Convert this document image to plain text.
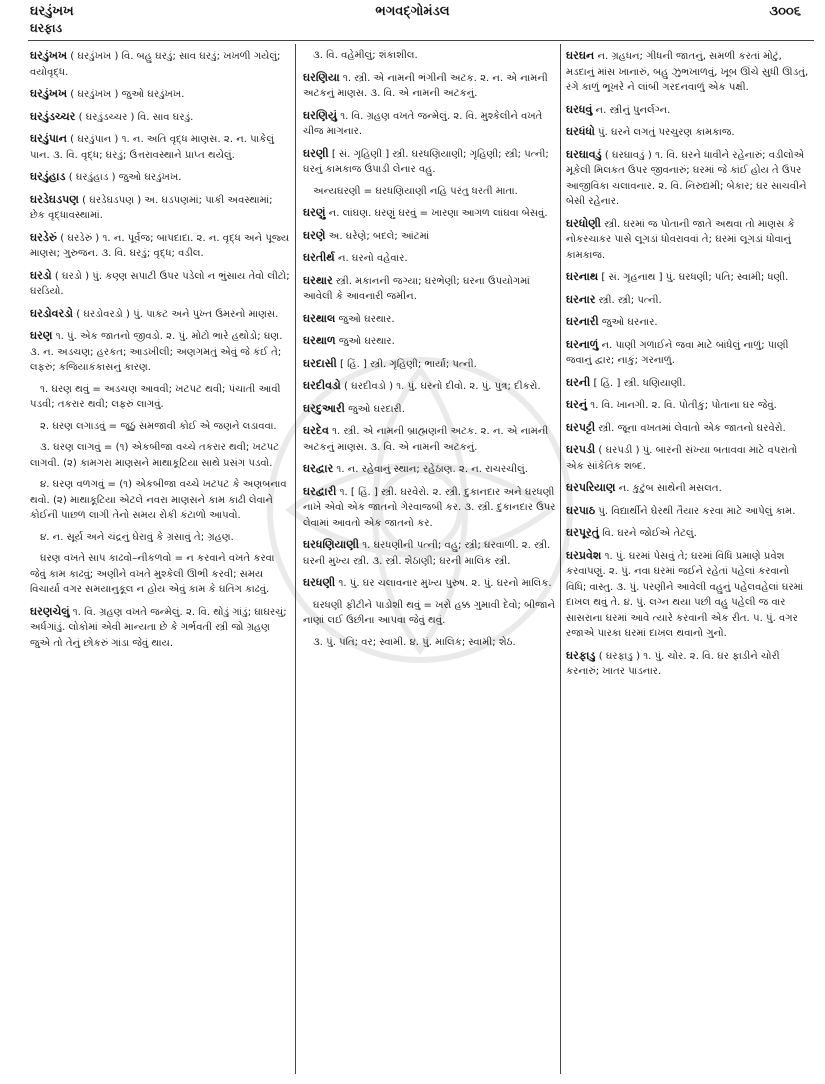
ઘરડુંખખ
ઘરફાડ
ભગવદ્ગોમંડલ	૩૦૦૬
ઘરડુંખખ ( ઘરડુંખખ ) વિ. બહુ ઘરડું; સાવ ઘરડું; ખખળી ગયેલું; વયોવૃદ્ધ.
ઘરડુંખખ ( ઘરડુંખખ ) જુઓ ઘરડુંખખ.
ઘરડુંડચ્ચર ( ઘરડુંડચ્ચર ) વિ. સાવ ઘરડું.
ઘરડુંપાન ( ઘરડુંપાન ) ૧. ન. અતિ વૃદ્ધ માણસ. ૨. ન. પાકેલું પાન. ૩. વિ. વૃદ્ધ; ઘરડું; ઉત્તરાવસ્થાને પ્રાપ્ત થયેલું.
ઘરડુંહાડ ( ઘરડુંહાડ ) જુઓ ઘરડુંખખ.
ઘરડેઘડપણ ( ઘરડેઘડપણ ) અ. ઘડપણમાં; પાકી અવસ્થામાં; છેક વૃદ્ધાવસ્થામાં.
ઘરડેરું ( ઘરડેરું ) ૧. ન. પૂર્વજ; બાપદાદા. ૨. ન. વૃદ્ધ અને પૂજ્ય માણસ; ગુરુજન. ૩. વિ. ઘરડું; વૃદ્ધ; વડીલ.
ઘરડો ( ઘરડો ) પું. કણ્ણ સપાટી ઉપર પડેલો ન ભુંસાય તેવો લીટો; ઘરડિયો.
ઘરડોવરડો ( ઘરડોવરડો ) પું. પાકટ અને પુખ્ત ઉમરનો માણસ.
ઘરણ ૧. પું. એક જાતનો જીવડો. ૨. પું. મોટો ભારે હથોડો; ઘણ. ૩. ન. અડચણ; હરકત; આડખીલી; અણગમતું એવું જે કંઈ તે; લફરું; કજિયાકંકાસનું કારણ.
૧. ઘરણ થવું = અડચણ આવવી; ખટપટ થવી; પંચાતી આવી પડવી; તકરાર થવી; લફરું લાગવું.
૨. ઘરણ લગાડવું = જૂઠું સમજાવી કોઈ એ જણને લડાવવા.
૩. ઘરણ લાગવું = (૧) એકબીજા વચ્ચે તકરાર થવી; ખટપટ લાગવી. (૨) કામગરા માણસને માથાકૂટિયા સાથે પ્રસંગ પડવો.
૪. ઘરણ વળગવું = (૧) એકબીજા વચ્ચે ખટપટ કે અણબનાવ થવો. (૨) માથાકૂટિયા એટલે નવરા માણસને કામ કાઢી લેવાને કોઈની પાછળ લાગી તેનો સમય રોકી કંટાળો આપવો.
૪. ન. સૂર્ય અને ચંદ્રનું ઘેરાવું કે ગ્રસાવું તે; ગ્રહણ.
ઘરણ વખતે સાપ કાઢવો–નીકળવો = ન કરવાને વખતે કરવા જેવું કામ કાઢવું; અણીને વખતે મુશ્કેલી ઊભી કરવી; સમય વિચાર્યા વગર સમયાનુકૂલ ન હોય એવું કામ કે ઘતિંગ કાઢવું.
ઘરણચેલું ૧. વિ. ગ્રહણ વખતે જન્મેલું. ૨. વિ. થોડું ગાંડું; ઘાઘરચું; અર્ધગાંડું. લોકોમાં એવી માન્યતા છે કે ગર્ભવતી સ્ત્રી જો ગ્રહણ જુએ તો તેનું છોકરું ગાંડા જેવું થાય.
૩. વિ. વહેમીલું; શંકાશીલ.
ઘરણિયા ૧. સ્ત્રી. એ નામની ભંગીની અટક. ૨. ન. એ નામની અટકનું માણસ. ૩. વિ. એ નામની અટકનું.
ઘરણિયું ૧. વિ. ગ્રહણ વખતે જન્મેલું. ૨. વિ. મુશ્કેલીને વખતે ચીજ માગનાર.
ઘરણી [ સં. ગૃહિણી ] સ્ત્રી. ઘરધણિયાણી; ગૃહિણી; સ્ત્રી; પત્ની; ઘરનું કામકાજ ઉપાડી લેનાર વહુ.
અન્યઘરણી = ઘરધણિયાણી નહિ પરંતુ ધરતી માતા.
ઘરણું ન. લાંઘણ. ઘરણું ઘરવું = ખારણા આગળ લાંઘવા બેસવું.
ઘરણે અ. ઘરેણે; બદલે; આંટમાં
ઘરતીર્થ ન. ઘરનો વહેવાર.
ઘરથાર સ્ત્રી. મકાનની જગ્યા; ઘરભેણી; ઘરના ઉપયોગમાં આવેલી કે આવનારી જમીન.
ઘરથાલ જુઓ ઘરથાર.
ઘરથાળ જુઓ ઘરથાર.
ઘરદાસી [ હિં. ] સ્ત્રી. ગૃહિણી; ભાર્યા; પત્ની.
ઘરદીવડો ( ઘરદીવડો ) ૧. પું. ઘરનો દીવો. ૨. પું. પુત્ર; દીકરો.
ઘરદુઆરી જુઓ ઘરદારી.
ઘરદેવ ૧. સ્ત્રી. એ નામની બ્રાહ્મણની અટક. ૨. ન. એ નામની અટકનું માણસ. ૩. વિ. એ નામની અટકનું.
ઘરદ્વાર ૧. ન. રહેવાનું સ્થાન; રહેઠાણ. ૨. ન. રાચરચીલું.
ઘરદ્વારી ૧. [ હિં. ] સ્ત્રી. ઘરવેરો. ૨. સ્ત્રી. દુકાનદાર અને ઘરધણી નાખે એવો એક જાતનો ગેરવાજબી કર. ૩. સ્ત્રી. દુકાનદાર ઉપર લેવામાં આવતો એક જાતનો કર.
ઘરધણિયાણી ૧. ઘરધણીની પત્ની; વહુ; સ્ત્રી; ઘરવાળી. ૨. સ્ત્રી. ઘરની મુખ્ય સ્ત્રી. ૩. સ્ત્રી. શેઠાણી; ઘરની માલિક સ્ત્રી.
ઘરધણી ૧. પું. ઘર ચલાવનાર મુખ્ય પુરુષ. ૨. પું. ઘરનો માલિક.
ઘરધણી ફીટીને પાડોશી થવું = ખરો હક્ક ગુમાવી દેવો; બીજાને નાણાં લઈ ઉછીના આપવા જેવું થવું.
૩. પું. પતિ; વર; સ્વામી. ૪. પું. માલિક; સ્વામી; શેઠ.
ઘરઘન ન. ગ્રહધન; ગીધની જાતનું, સમળી કરતાં મોટું, મડદાનું માંસ ખાનારું, બહુ ઝુભખાળવું, ખૂબ ઊંચે સુધી ઊડતું, રંગે કાળું ભૂખરે ને લાંબી ગરદનવાળું એક પક્ષી.
ઘરધવું ન. સ્ત્રીનું પુનર્લગ્ન.
ઘરધંધો પું. ઘરને લગતું પરચુરણ કામકાજ.
ઘરઘાવડું ( ઘરઘાવડું ) ૧. વિ. ઘરને ધાવીને રહેનારું; વડીલોએ મૂકેલી મિલકત ઉપર જીવનારું; ઘરમાં જે કાંઈ હોય તે ઉપર આજીવિકા ચલાવનાર. ૨. વિ. નિરુદ્યમી; બેકાર; ઘર સાચવીને બેસી રહેનાર.
ઘરધોણી સ્ત્રી. ઘરમાં જ પોતાની જાતે અથવા તો માણસ કે નોકરચાકર પાસે લૂગડાં ધોવરાવવાં તે; ઘરમાં લૂગડાં ધોવાનું કામકાજ.
ઘરનાથ [ સં. ગૃહનાથ ] પું. ઘરધણી; પતિ; સ્વામી; ધણી.
ઘરનાર સ્ત્રી. સ્ત્રી; પત્ની.
ઘરનારી જુઓ ઘરનાર.
ઘરનાળું ન. પાણી ગળાઈને જવા માટે બાંધેલું નાળું; પાણી જવાનું દ્વાર; નાકું; ગરનાળું.
ઘરની [ હિં. ] સ્ત્રી. ધણિયાણી.
ઘરનું ૧. વિ. ખાનગી. ૨. વિ. પોતીકું; પોતાના ઘર જેવું.
ઘરપટ્ટી સ્ત્રી. જૂના વખતમાં લેવાતો એક જાતનો ઘરવેરો.
ઘરપડી ( ઘરપડી ) પું. બારની સંખ્યા બતાવવા માટે વપરાતો એક સાંકેતિક શબ્દ.
ઘરપરિયાણ ન. કુટુંબ સાથેની મસલત.
ઘરપાઠ પું. વિદ્યાર્થીને ઘેરથી તૈયાર કરવા માટે આપેલું કામ.
ઘરપૂરતું વિ. ઘરને જોઈએ તેટલું.
ઘરપ્રવેશ ૧. પું. ઘરમાં પેસવું તે; ઘરમાં વિધિ પ્રમાણે પ્રવેશ કરવાપણું. ૨. પું. નવા ઘરમાં જઈને રહેતાં પહેલાં કરવાનો વિધિ; વાસ્તુ. ૩. પું. પરણીને આવેલી વહુનું પહેલવહેલાં ઘરમાં દાખલ થવું તે. ૪. પું. લગ્ન થયા પછી વહુ પહેલી જ વાર સાસરાના ઘરમાં આવે ત્યારે કરવાની એક રીત. ૫. પું. વગર રજાએ પારકા ઘરમાં દાખલ થવાનો ગુનો.
ઘરફાડુ ( ઘરફાડુ ) ૧. પું. ચોર. ૨. વિ. ઘર ફાડીને ચોરી કરનારું; ખાતર પાડનાર.
